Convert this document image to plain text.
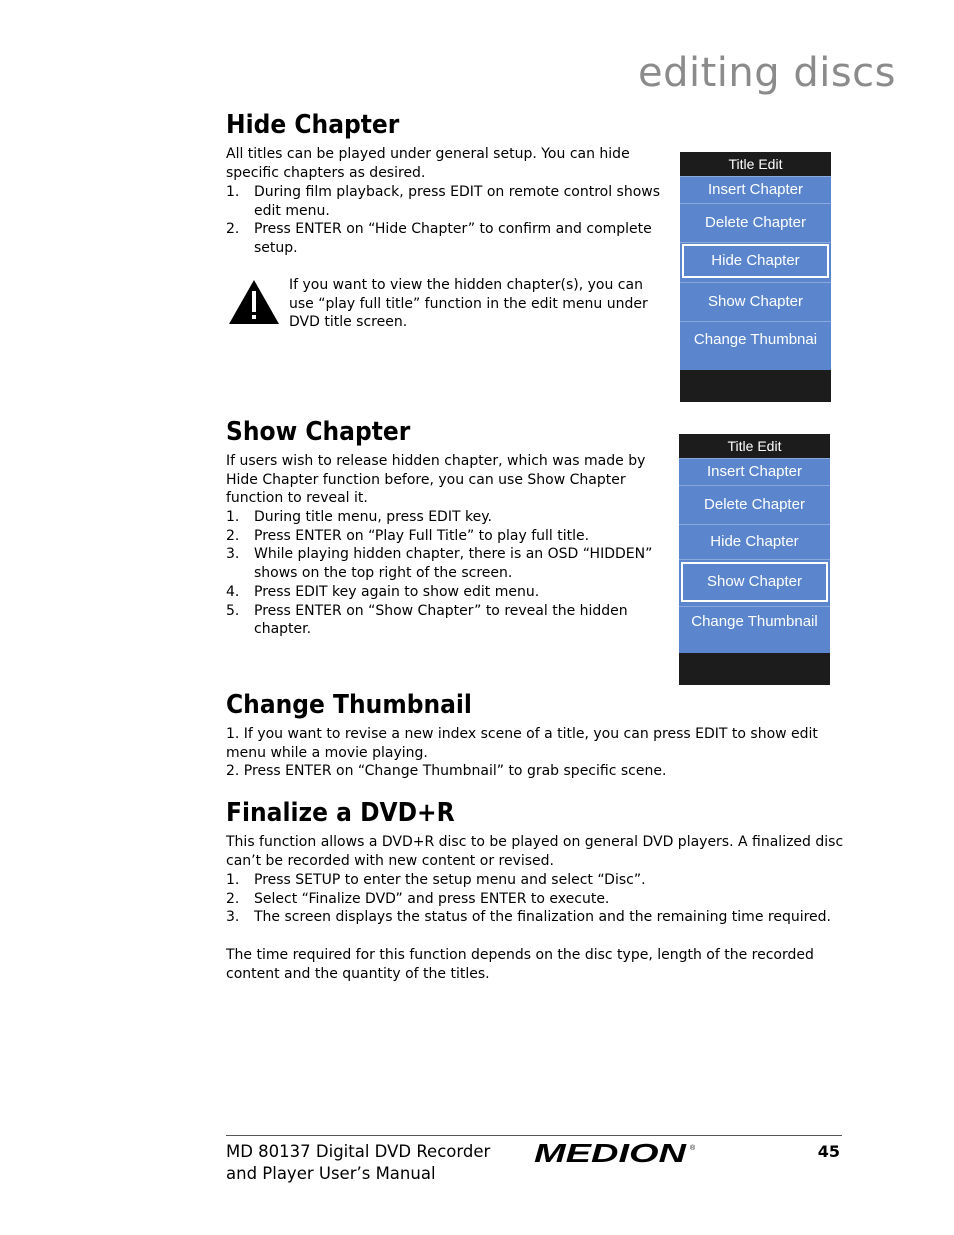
editing discs
Hide Chapter

All titles can be played under general setup. You can hide
specific chapters as desired.

1. During film playback, press EDIT on remote control shows
edit menu.
2. Press ENTER on “Hide Chapter” to confirm and complete
setup.

If you want to view the hidden chapter(s), you can
use “play full title” function in the edit menu under
DVD title screen.

Title Edit
Insert Chapter
Delete Chapter
Hide Chapter
Show Chapter
Change Thumbnai
Show Chapter

If users wish to release hidden chapter, which was made by
Hide Chapter function before, you can use Show Chapter
function to reveal it.

1. During title menu, press EDIT key.
2. Press ENTER on “Play Full Title” to play full title.
3. While playing hidden chapter, there is an OSD “HIDDEN”
shows on the top right of the screen.
4. Press EDIT key again to show edit menu.
5. Press ENTER on “Show Chapter” to reveal the hidden
chapter.
Title Edit
Insert Chapter
Delete Chapter
Hide Chapter
Show Chapter
Change Thumbnail
Change Thumbnail

1. If you want to revise a new index scene of a title, you can press EDIT to show edit
menu while a movie playing.
2. Press ENTER on “Change Thumbnail” to grab specific scene.

Finalize a DVD+R

This function allows a DVD+R disc to be played on general DVD players. A finalized disc
can’t be recorded with new content or revised.

1. Press SETUP to enter the setup menu and select “Disc”.
2. Select “Finalize DVD” and press ENTER to execute.
3. The screen displays the status of the finalization and the remaining time required.

The time required for this function depends on the disc type, length of the recorded
content and the quantity of the titles.

MD 80137 Digital DVD Recorder
and Player User’s Manual

MEDION ®	45
